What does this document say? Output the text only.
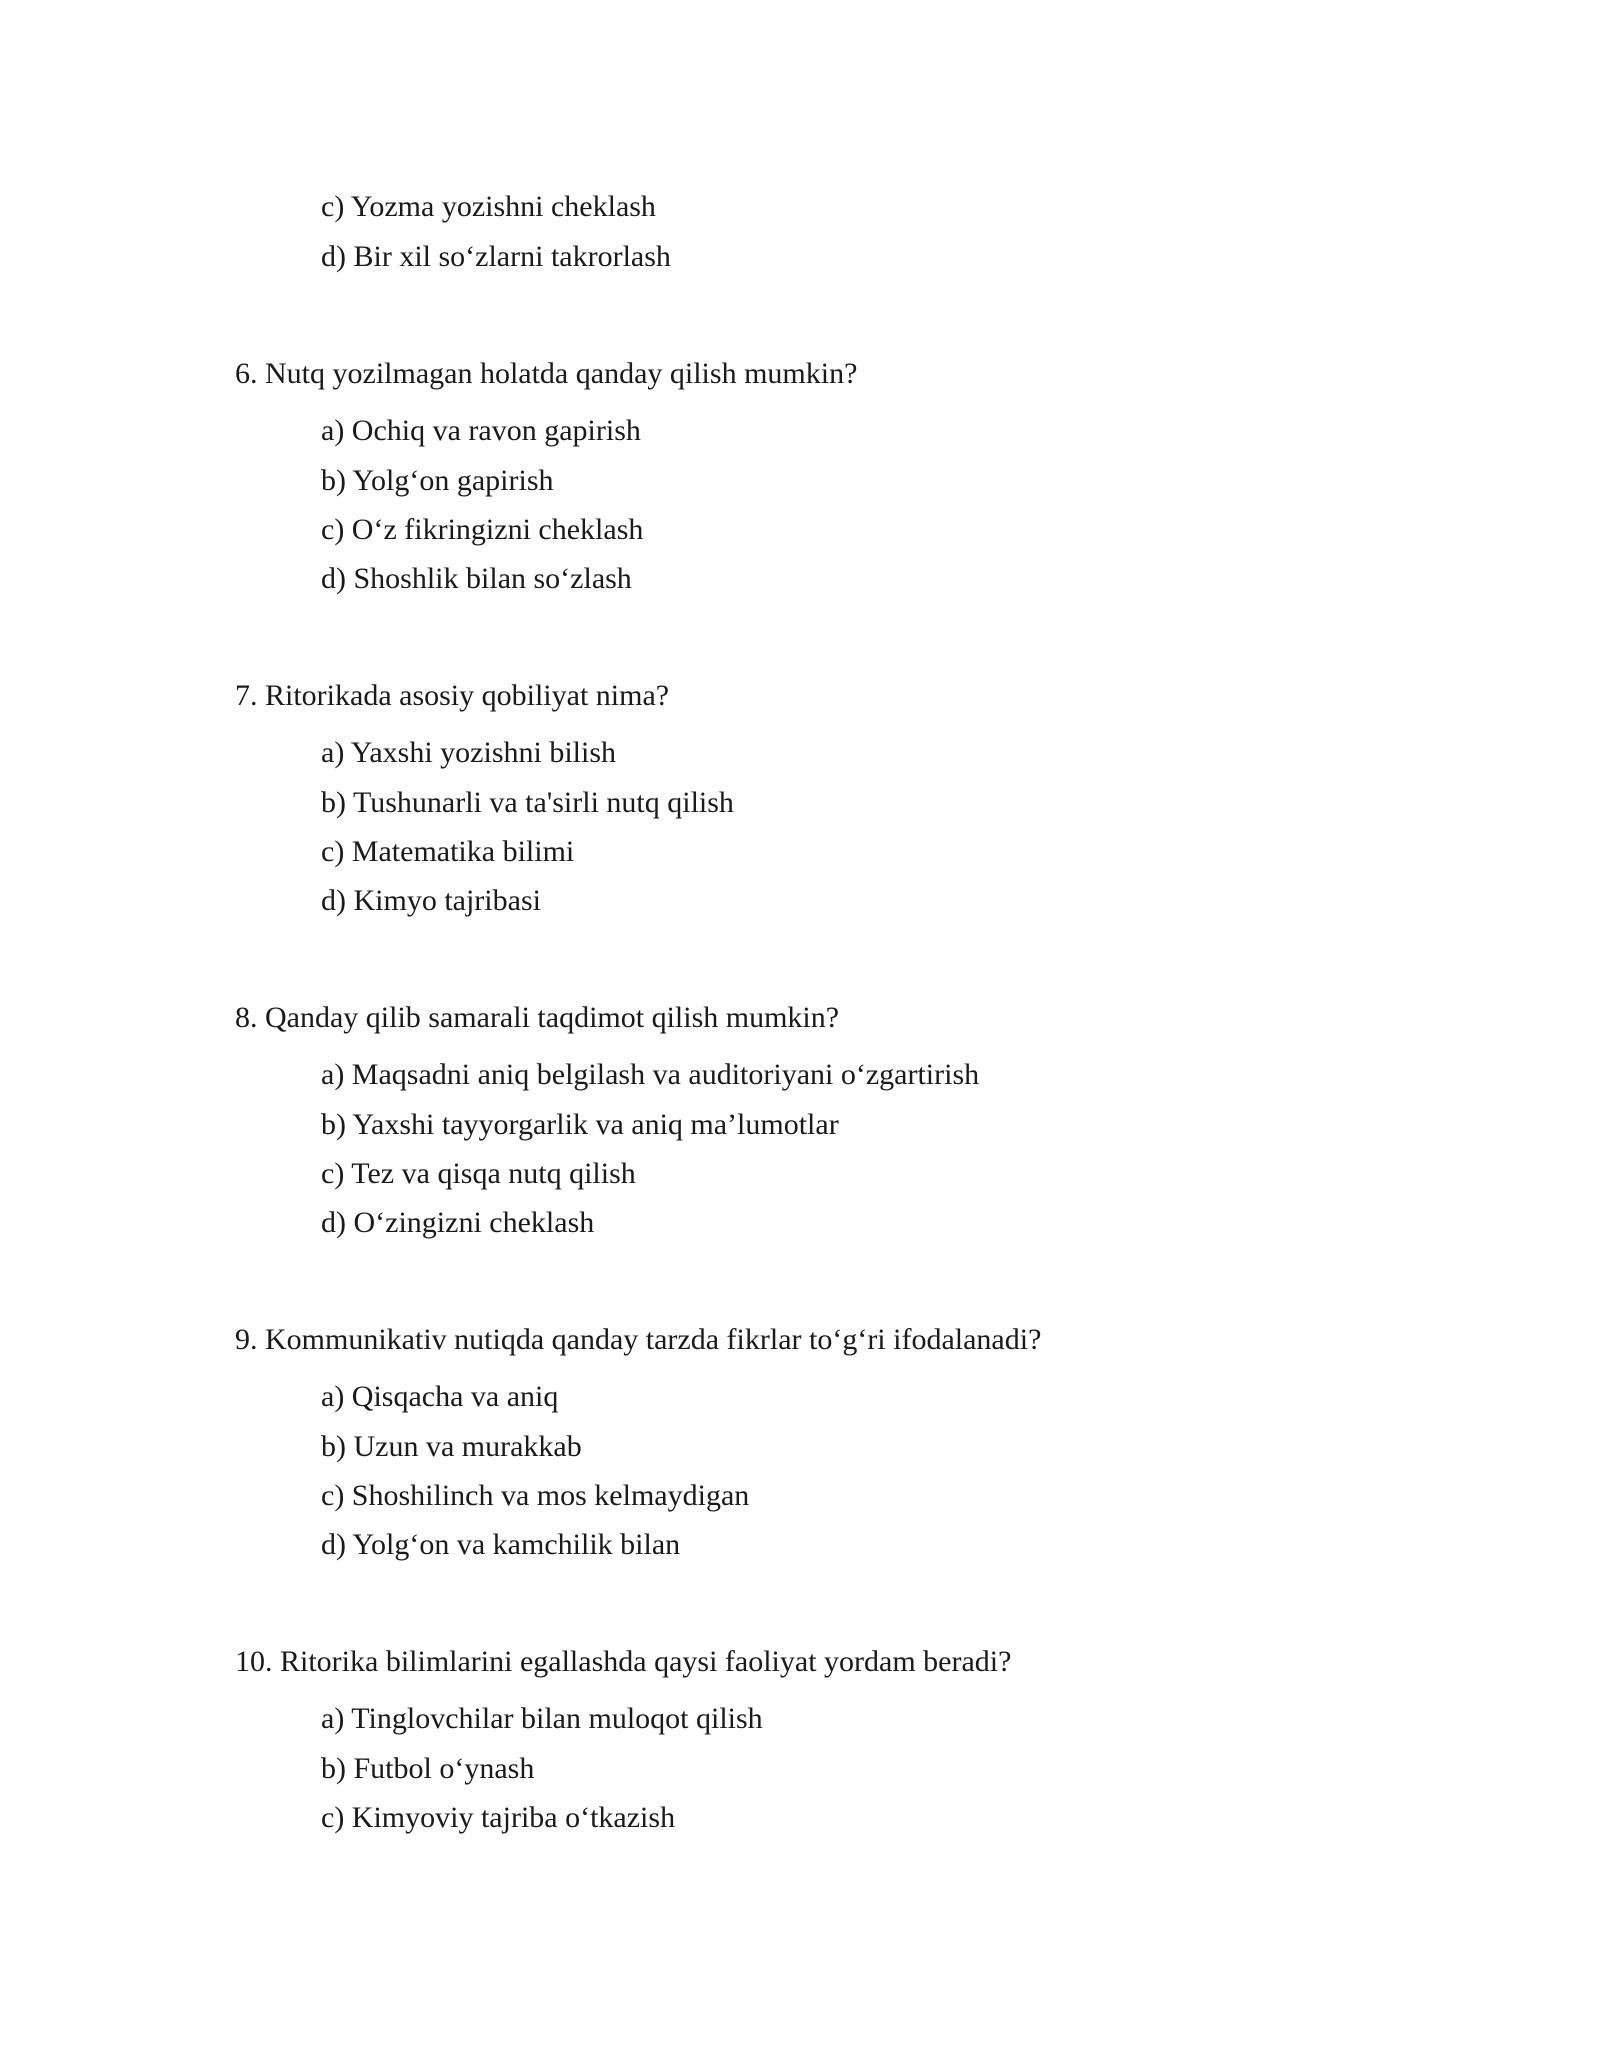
c) Yozma yozishni cheklash
d) Bir xil so‘zlarni takrorlash
6. Nutq yozilmagan holatda qanday qilish mumkin?
a) Ochiq va ravon gapirish
b) Yolg‘on gapirish
c) O‘z fikringizni cheklash
d) Shoshlik bilan so‘zlash
7. Ritorikada asosiy qobiliyat nima?
a) Yaxshi yozishni bilish
b) Tushunarli va ta'sirli nutq qilish
c) Matematika bilimi
d) Kimyo tajribasi
8. Qanday qilib samarali taqdimot qilish mumkin?
a) Maqsadni aniq belgilash va auditoriyani o‘zgartirish
b) Yaxshi tayyorgarlik va aniq ma’lumotlar
c) Tez va qisqa nutq qilish
d) O‘zingizni cheklash
9. Kommunikativ nutiqda qanday tarzda fikrlar to‘g‘ri ifodalanadi?
a) Qisqacha va aniq
b) Uzun va murakkab
c) Shoshilinch va mos kelmaydigan
d) Yolg‘on va kamchilik bilan
10. Ritorika bilimlarini egallashda qaysi faoliyat yordam beradi?
a) Tinglovchilar bilan muloqot qilish
b) Futbol o‘ynash
c) Kimyoviy tajriba o‘tkazish
